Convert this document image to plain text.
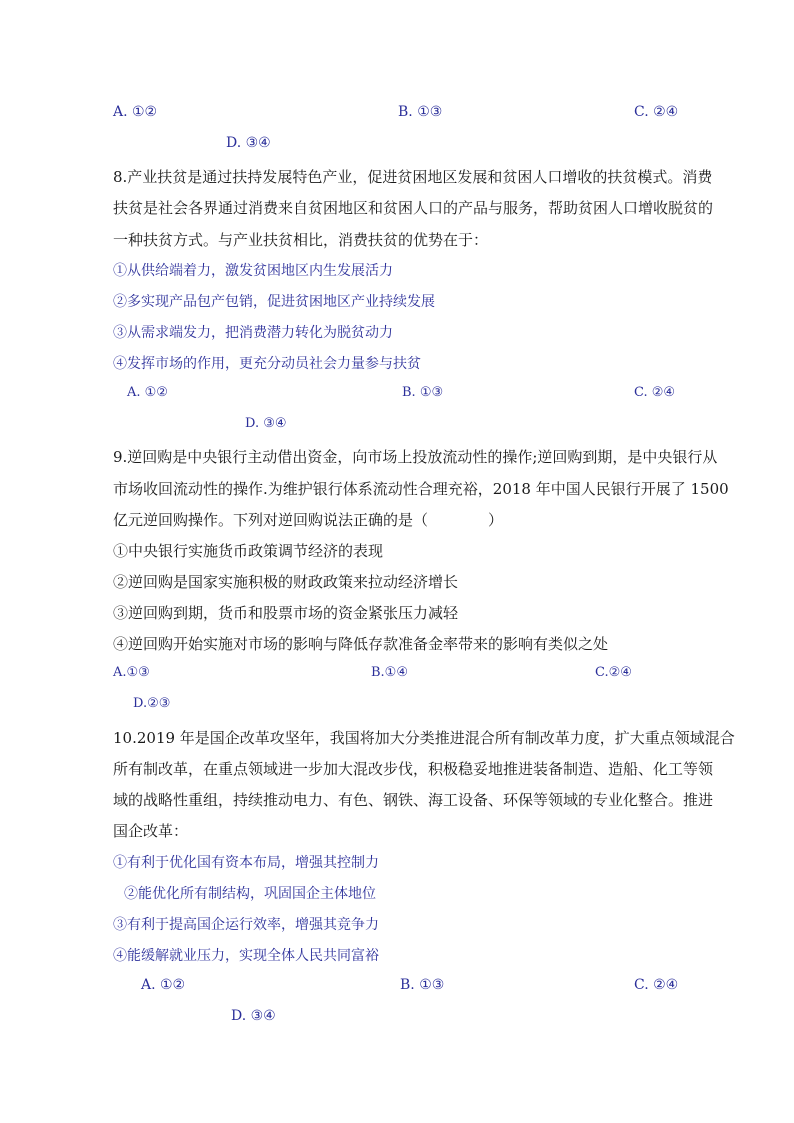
A. ①②	B. ①③	C. ②④
D. ③④
8.产业扶贫是通过扶持发展特色产业，促进贫困地区发展和贫困人口增收的扶贫模式。消费
扶贫是社会各界通过消费来自贫困地区和贫困人口的产品与服务，帮助贫困人口增收脱贫的
一种扶贫方式。与产业扶贫相比，消费扶贫的优势在于：
①从供给端着力，激发贫困地区内生发展活力
②多实现产品包产包销，促进贫困地区产业持续发展
③从需求端发力，把消费潜力转化为脱贫动力
④发挥市场的作用，更充分动员社会力量参与扶贫
A. ①②	B. ①③	C. ②④
D. ③④
9.逆回购是中央银行主动借出资金，向市场上投放流动性的操作;逆回购到期，是中央银行从
市场收回流动性的操作.为维护银行体系流动性合理充裕，2018 年中国人民银行开展了 1500
亿元逆回购操作。下列对逆回购说法正确的是（　　　　）
①中央银行实施货币政策调节经济的表现
②逆回购是国家实施积极的财政政策来拉动经济增长
③逆回购到期，货币和股票市场的资金紧张压力减轻
④逆回购开始实施对市场的影响与降低存款准备金率带来的影响有类似之处
A.①③	B.①④	C.②④
D.②③
10.2019 年是国企改革攻坚年，我国将加大分类推进混合所有制改革力度，扩大重点领域混合
所有制改革，在重点领域进一步加大混改步伐，积极稳妥地推进装备制造、造船、化工等领
域的战略性重组，持续推动电力、有色、钢铁、海工设备、环保等领域的专业化整合。推进
国企改革：
①有利于优化国有资本布局，增强其控制力
②能优化所有制结构，巩固国企主体地位
③有利于提高国企运行效率，增强其竞争力
④能缓解就业压力，实现全体人民共同富裕
A. ①②	B. ①③	C. ②④
D. ③④
